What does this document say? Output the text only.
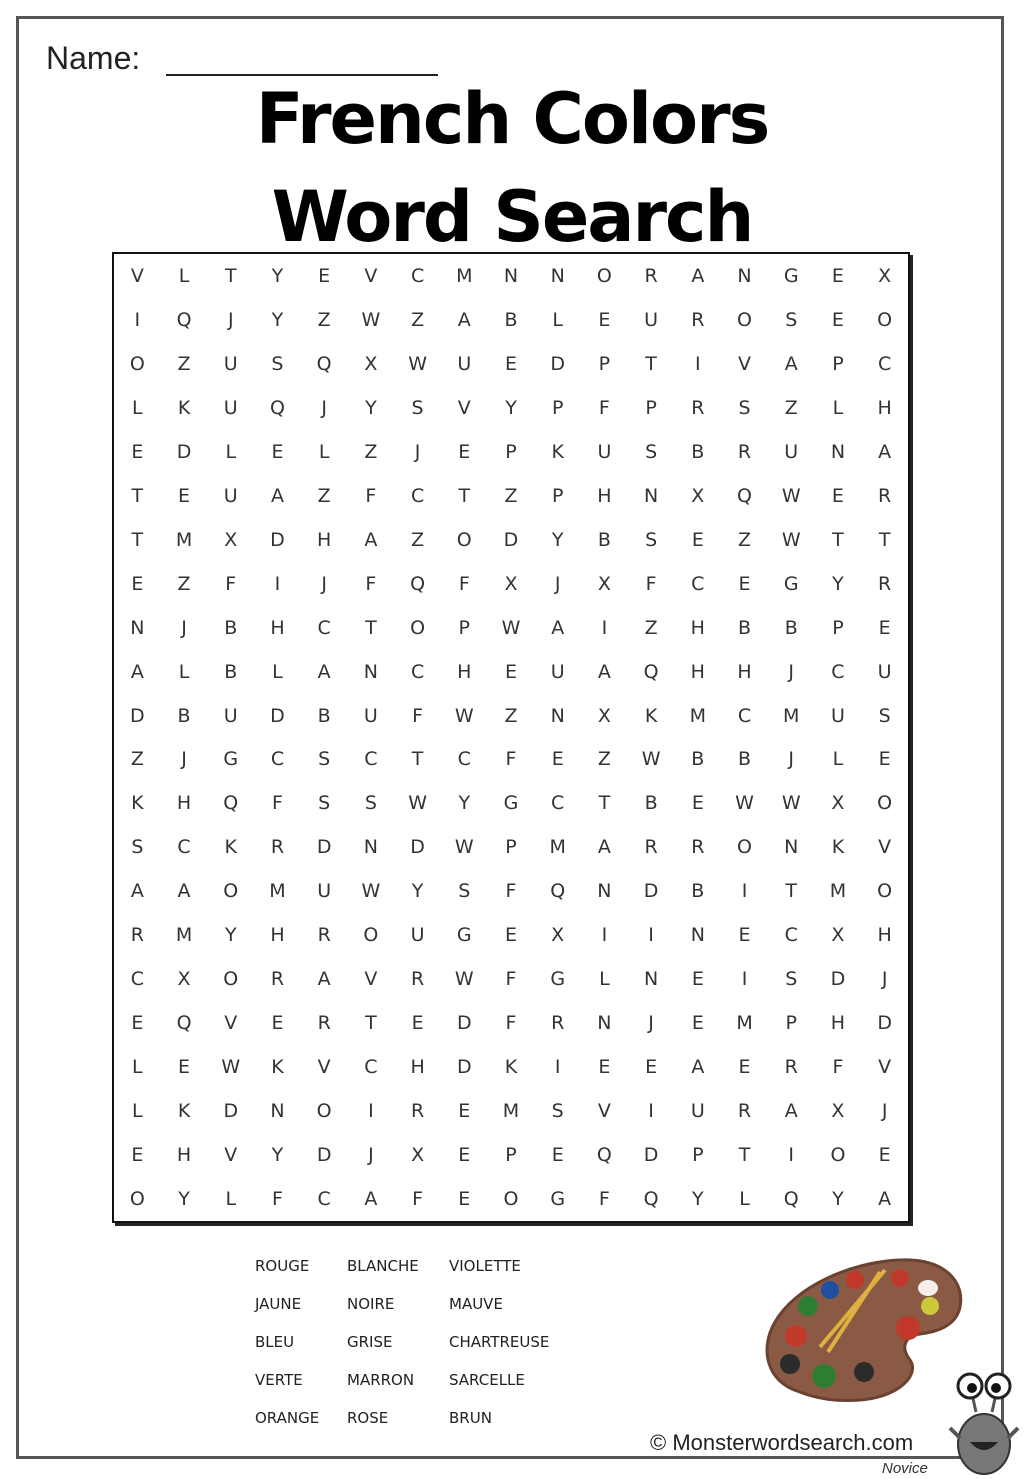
Name:
French Colors
Word Search
V	L	T	Y	E	V	C	M	N	N	O	R	A	N	G	E	X
I	Q	J	Y	Z	W	Z	A	B	L	E	U	R	O	S	E	O
O	Z	U	S	Q	X	W	U	E	D	P	T	I	V	A	P	C
L	K	U	Q	J	Y	S	V	Y	P	F	P	R	S	Z	L	H
E	D	L	E	L	Z	J	E	P	K	U	S	B	R	U	N	A
T	E	U	A	Z	F	C	T	Z	P	H	N	X	Q	W	E	R
T	M	X	D	H	A	Z	O	D	Y	B	S	E	Z	W	T	T
E	Z	F	I	J	F	Q	F	X	J	X	F	C	E	G	Y	R
N	J	B	H	C	T	O	P	W	A	I	Z	H	B	B	P	E
A	L	B	L	A	N	C	H	E	U	A	Q	H	H	J	C	U
D	B	U	D	B	U	F	W	Z	N	X	K	M	C	M	U	S
Z	J	G	C	S	C	T	C	F	E	Z	W	B	B	J	L	E
K	H	Q	F	S	S	W	Y	G	C	T	B	E	W	W	X	O
S	C	K	R	D	N	D	W	P	M	A	R	R	O	N	K	V
A	A	O	M	U	W	Y	S	F	Q	N	D	B	I	T	M	O
R	M	Y	H	R	O	U	G	E	X	I	I	N	E	C	X	H
C	X	O	R	A	V	R	W	F	G	L	N	E	I	S	D	J
E	Q	V	E	R	T	E	D	F	R	N	J	E	M	P	H	D
L	E	W	K	V	C	H	D	K	I	E	E	A	E	R	F	V
L	K	D	N	O	I	R	E	M	S	V	I	U	R	A	X	J
E	H	V	Y	D	J	X	E	P	E	Q	D	P	T	I	O	E
O	Y	L	F	C	A	F	E	O	G	F	Q	Y	L	Q	Y	A
ROUGE
JAUNE
BLEU
VERTE
ORANGE
BLANCHE
NOIRE
GRISE
MARRON
ROSE
VIOLETTE
MAUVE
CHARTREUSE
SARCELLE
BRUN
© Monsterwordsearch.com
Novice
